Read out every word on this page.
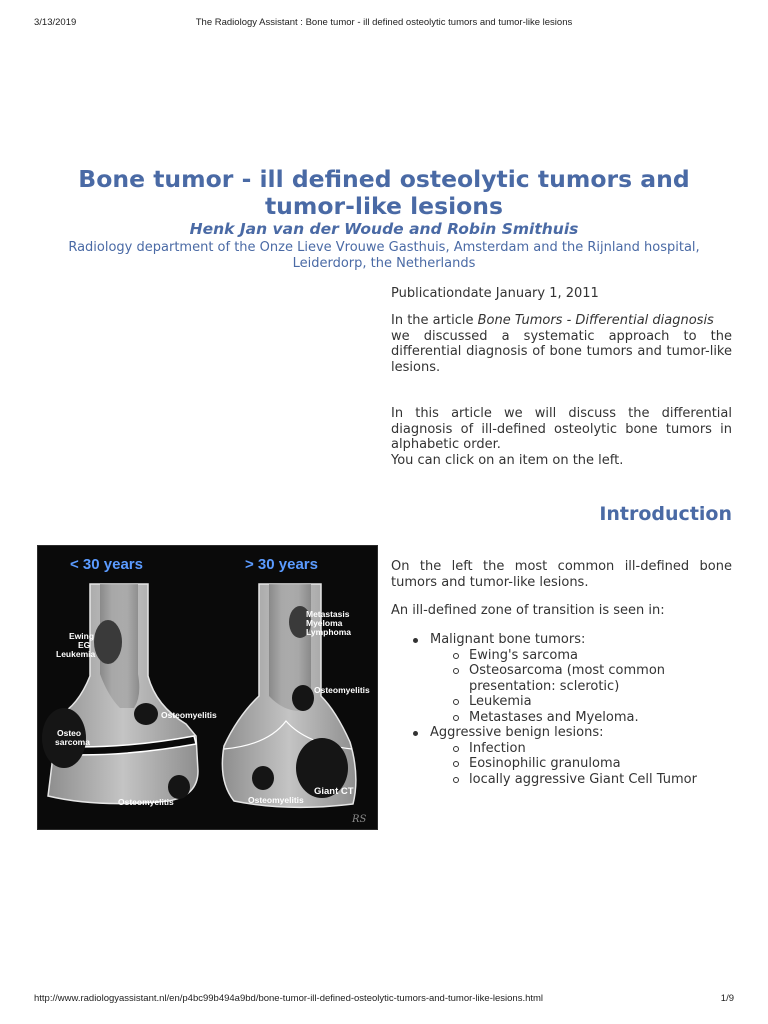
3/13/2019	The Radiology Assistant : Bone tumor - ill defined osteolytic tumors and tumor-like lesions
Bone tumor - ill defined osteolytic tumors and tumor-like lesions
Henk Jan van der Woude and Robin Smithuis
Radiology department of the Onze Lieve Vrouwe Gasthuis, Amsterdam and the Rijnland hospital, Leiderdorp, the Netherlands
Publicationdate January 1, 2011
In the article Bone Tumors - Differential diagnosis
we discussed a systematic approach to the differential diagnosis of bone tumors and tumor-like lesions.
In this article we will discuss the differential diagnosis of ill-defined osteolytic bone tumors in alphabetic order.
You can click on an item on the left.
Introduction
< 30 years	> 30 years
Ewing
EG
Leukemia
Osteo
sarcoma
Osteomyelitis
Osteomyelitis
Metastasis
Myeloma
Lymphoma
Osteomyelitis
Giant CT
Osteomyelitis
RS
On the left the most common ill-defined bone tumors and tumor-like lesions.
An ill-defined zone of transition is seen in:
Malignant bone tumors:
Ewing's sarcoma
Osteosarcoma (most common presentation: sclerotic)
Leukemia
Metastases and Myeloma.
Aggressive benign lesions:
Infection
Eosinophilic granuloma
locally aggressive Giant Cell Tumor
http://www.radiologyassistant.nl/en/p4bc99b494a9bd/bone-tumor-ill-defined-osteolytic-tumors-and-tumor-like-lesions.html	1/9
